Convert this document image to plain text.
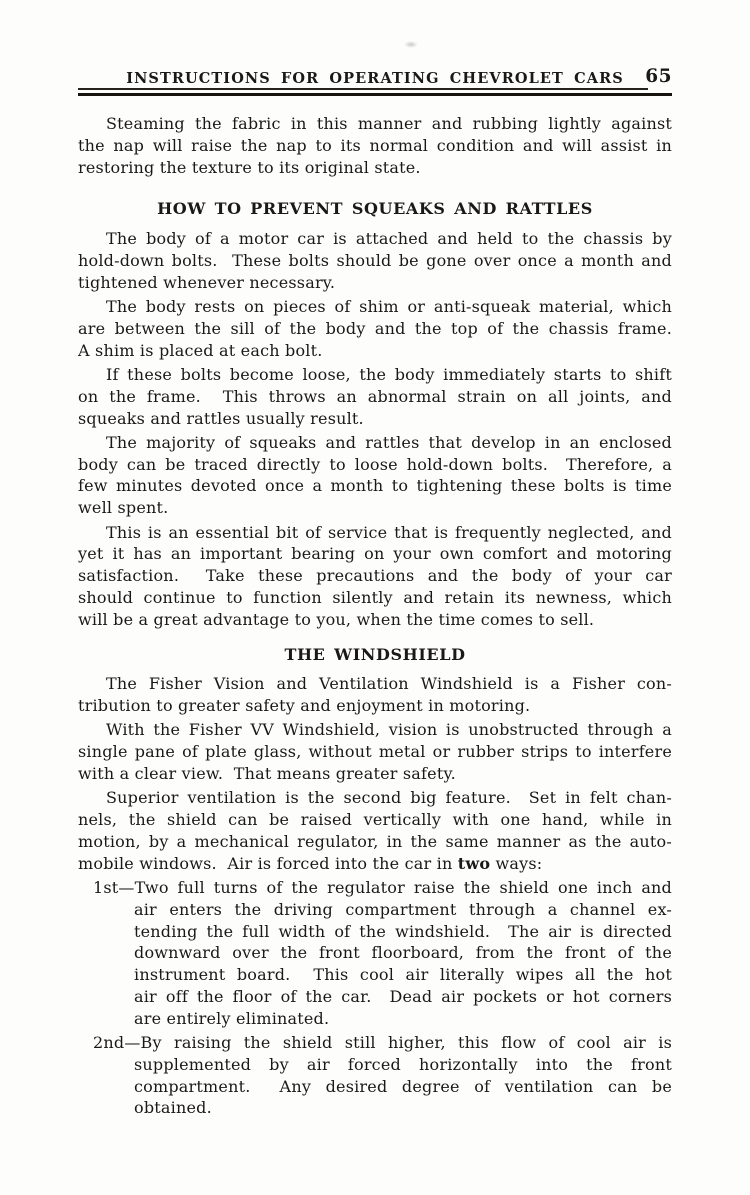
INSTRUCTIONS FOR OPERATING CHEVROLET CARS	65
Steaming the fabric in this manner and rubbing lightly against
the nap will raise the nap to its normal condition and will assist in
restoring the texture to its original state.
HOW TO PREVENT SQUEAKS AND RATTLES
The body of a motor car is attached and held to the chassis by
hold-down bolts.  These bolts should be gone over once a month and
tightened whenever necessary.
The body rests on pieces of shim or anti-squeak material, which
are between the sill of the body and the top of the chassis frame.
A shim is placed at each bolt.
If these bolts become loose, the body immediately starts to shift
on the frame.  This throws an abnormal strain on all joints, and
squeaks and rattles usually result.
The majority of squeaks and rattles that develop in an enclosed
body can be traced directly to loose hold-down bolts.  Therefore, a
few minutes devoted once a month to tightening these bolts is time
well spent.
This is an essential bit of service that is frequently neglected, and
yet it has an important bearing on your own comfort and motoring
satisfaction.  Take these precautions and the body of your car
should continue to function silently and retain its newness, which
will be a great advantage to you, when the time comes to sell.
THE WINDSHIELD
The Fisher Vision and Ventilation Windshield is a Fisher con-
tribution to greater safety and enjoyment in motoring.
With the Fisher VV Windshield, vision is unobstructed through a
single pane of plate glass, without metal or rubber strips to interfere
with a clear view.  That means greater safety.
Superior ventilation is the second big feature.  Set in felt chan-
nels, the shield can be raised vertically with one hand, while in
motion, by a mechanical regulator, in the same manner as the auto-
mobile windows.  Air is forced into the car in two ways:
1st—Two full turns of the regulator raise the shield one inch and
air enters the driving compartment through a channel ex-
tending the full width of the windshield.  The air is directed
downward over the front floorboard, from the front of the
instrument board.  This cool air literally wipes all the hot
air off the floor of the car.  Dead air pockets or hot corners
are entirely eliminated.
2nd—By raising the shield still higher, this flow of cool air is
supplemented by air forced horizontally into the front
compartment.  Any desired degree of ventilation can be
obtained.
